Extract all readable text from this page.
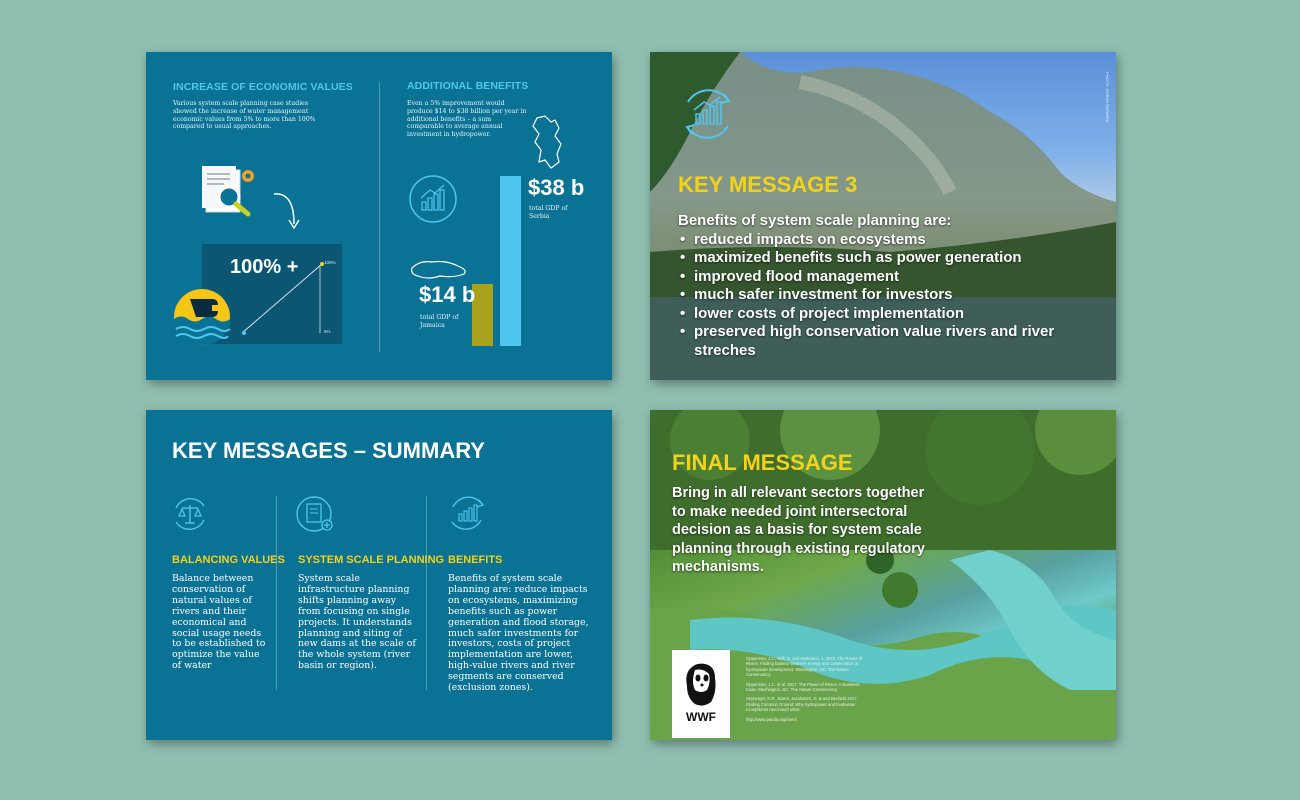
INCREASE OF ECONOMIC VALUES
Various system scale planning case studies showed the increase of water management economic values from 5% to more than 100% compared to usual approaches.
100% +	100%
5%
ADDITIONAL BENEFITS
Even a 5% improvement would produce $14 to $38 billion per year in additional benefits – a sum comparable to average annual investment in hydropower.
$14 b
total GDP of Jamaica
$38 b
total GDP of Serbia
PHOTO: GORAN ŠAFAREK
KEY MESSAGE 3
Benefits of system scale planning are:
• reduced impacts on ecosystems
• maximized benefits such as power generation
• improved flood management
• much safer investment for investors
• lower costs of project implementation
• preserved high conservation value rivers and river streches
KEY MESSAGES – SUMMARY
BALANCING VALUES
Balance between conservation of natural values of rivers and their economical and social usage needs to be established to optimize the value of water
SYSTEM SCALE PLANNING
System scale infrastructure planning shifts planning away from focusing on single projects. It understands planning and siting of new dams at the scale of the whole system (river basin or region).
BENEFITS
Benefits of system scale planning are: reduce impacts on ecosystems, maximizing benefits such as power generation and flood storage, much safer investments for investors, costs of project implementation are lower, high-value rivers and river segments are conserved (exclusion zones).
FINAL MESSAGE
Bring in all relevant sectors together to make needed joint intersectoral decision as a basis for system scale planning through existing regulatory mechanisms.
WWF
Opperman, J.J., Grill, G. and Hartmann, J. 2015. The Power of Rivers: Finding balance between energy and conservation in hydropower development. Washington, DC: The Nature Conservancy.
Opperman, J.J., et al. 2017. The Power of Rivers: A Business Case. Washington, DC: The Nature Conservancy.
Seyberger, K.R., Boers, Jacobssen, D. & and Benfield 2017. Finding Common Ground: Why hydropower and freshwater ecosystems need each other.
http://www.panda.org/rivers
